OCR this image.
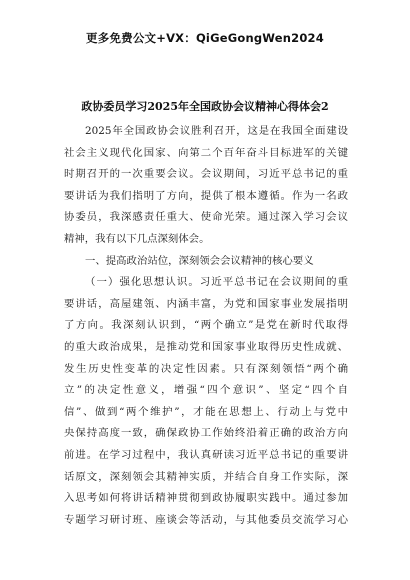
更多免费公文+VX：QiGeGongWen2024
政协委员学习2025年全国政协会议精神心得体会2
2025年全国政协会议胜利召开，这是在我国全面建设
社会主义现代化国家、向第二个百年奋斗目标进军的关键
时期召开的一次重要会议。会议期间，习近平总书记的重
要讲话为我们指明了方向，提供了根本遵循。作为一名政
协委员，我深感责任重大、使命光荣。通过深入学习会议
精神，我有以下几点深刻体会。
一、提高政治站位，深刻领会会议精神的核心要义
（一）强化思想认识。习近平总书记在会议期间的重
要讲话，高屋建瓴、内涵丰富，为党和国家事业发展指明
了方向。我深刻认识到，“两个确立”是党在新时代取得
的重大政治成果，是推动党和国家事业取得历史性成就、
发生历史性变革的决定性因素。只有深刻领悟“两个确
立”的决定性意义，增强“四个意识”、坚定“四个自
信”、做到“两个维护”，才能在思想上、行动上与党中
央保持高度一致，确保政协工作始终沿着正确的政治方向
前进。在学习过程中，我认真研读习近平总书记的重要讲
话原文，深刻领会其精神实质，并结合自身工作实际，深
入思考如何将讲话精神贯彻到政协履职实践中。通过参加
专题学习研讨班、座谈会等活动，与其他委员交流学习心
